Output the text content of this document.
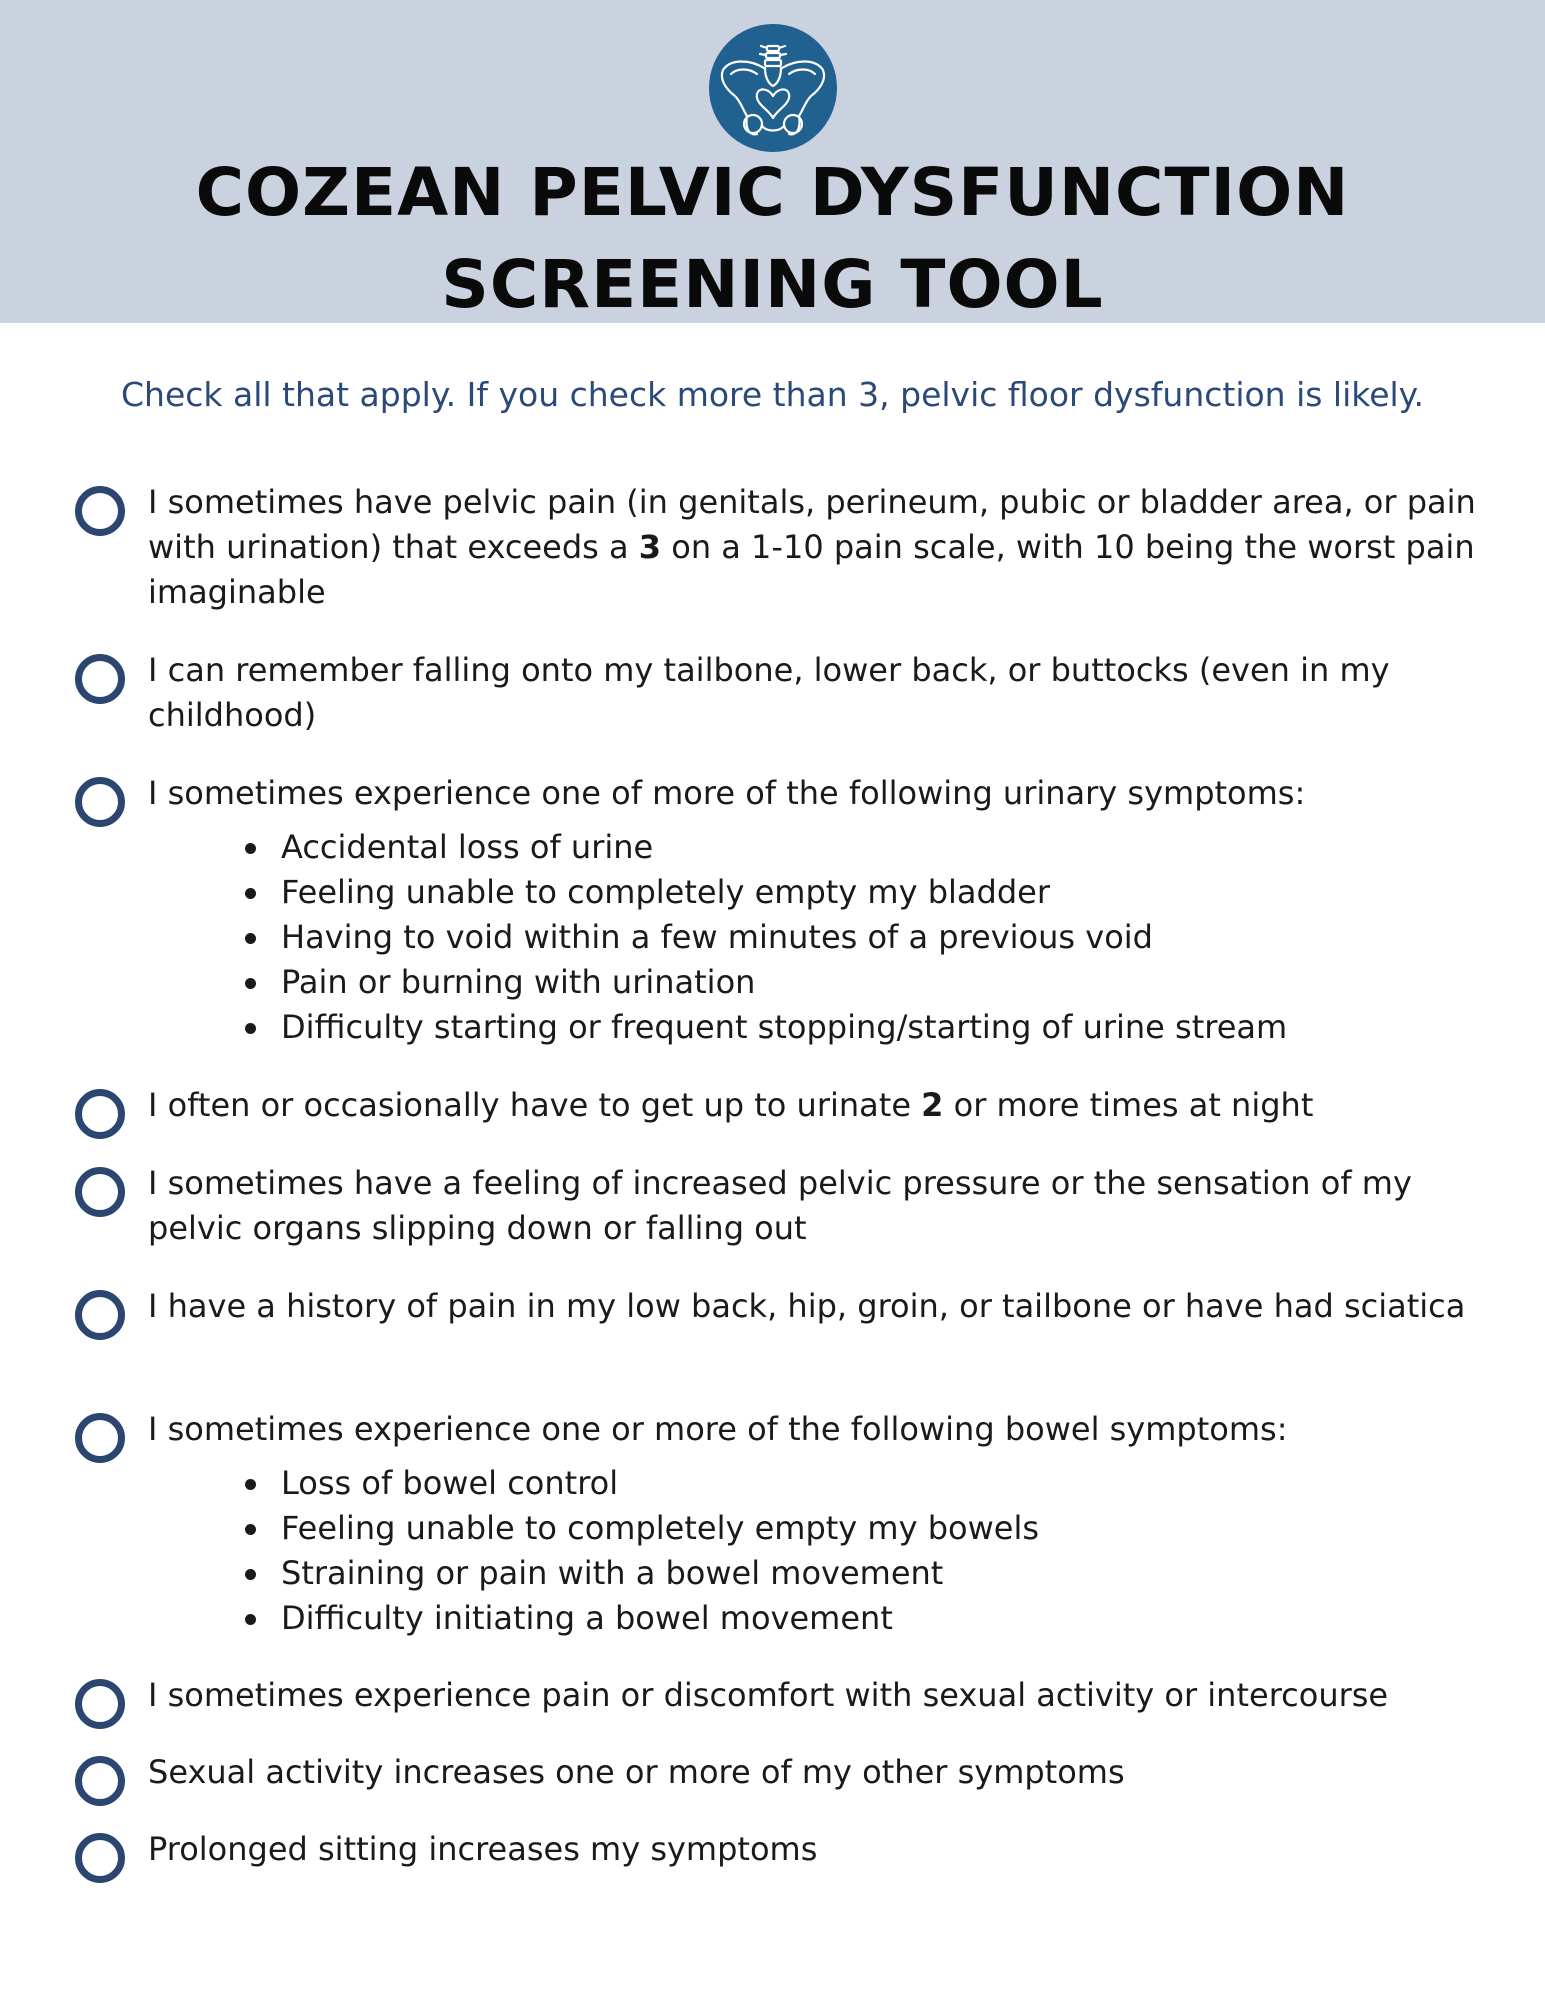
COZEAN PELVIC DYSFUNCTION
SCREENING TOOL
Check all that apply. If you check more than 3, pelvic floor dysfunction is likely.
I sometimes have pelvic pain (in genitals, perineum, pubic or bladder area, or pain with urination) that exceeds a 3 on a 1-10 pain scale, with 10 being the worst pain imaginable
I can remember falling onto my tailbone, lower back, or buttocks (even in my childhood)
I sometimes experience one of more of the following urinary symptoms:
Accidental loss of urine
Feeling unable to completely empty my bladder
Having to void within a few minutes of a previous void
Pain or burning with urination
Difficulty starting or frequent stopping/starting of urine stream
I often or occasionally have to get up to urinate 2 or more times at night
I sometimes have a feeling of increased pelvic pressure or the sensation of my pelvic organs slipping down or falling out
I have a history of pain in my low back, hip, groin, or tailbone or have had sciatica
I sometimes experience one or more of the following bowel symptoms:
Loss of bowel control
Feeling unable to completely empty my bowels
Straining or pain with a bowel movement
Difficulty initiating a bowel movement
I sometimes experience pain or discomfort with sexual activity or intercourse
Sexual activity increases one or more of my other symptoms
Prolonged sitting increases my symptoms
